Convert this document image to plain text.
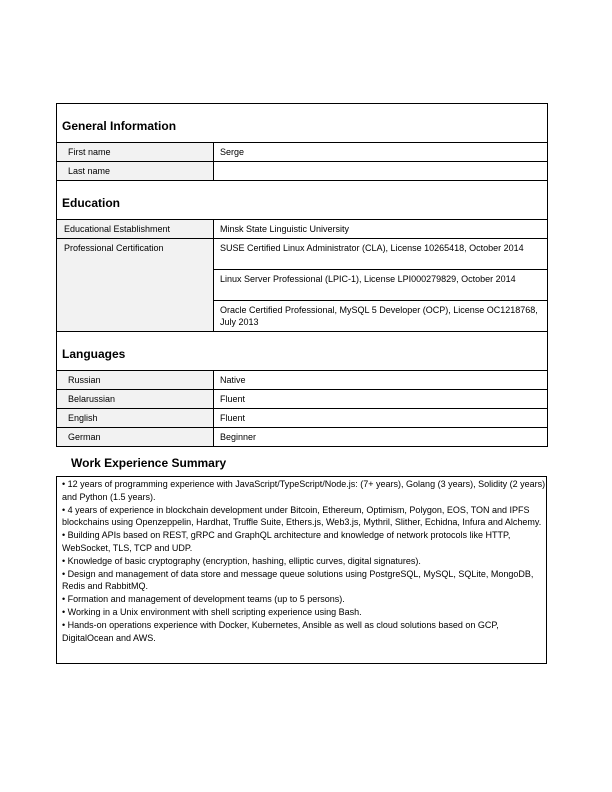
General Information	
First name	Serge
Last name	
Education	
Educational Establishment	Minsk State Linguistic University
Professional Certification	SUSE Certified Linux Administrator (CLA), License 10265418, October 2014
	Linux Server Professional (LPIC-1), License LPI000279829, October 2014
	Oracle Certified Professional, MySQL 5 Developer (OCP), License OC1218768, July 2013
Languages	
Russian	Native
Belarussian	Fluent
English	Fluent
German	Beginner
Work Experience Summary
• 12 years of programming experience with JavaScript/TypeScript/Node.js: (7+ years), Golang (3 years), Solidity (2 years) and Python (1.5 years).
• 4 years of experience in blockchain development under Bitcoin, Ethereum, Optimism, Polygon, EOS, TON and IPFS blockchains using Openzeppelin, Hardhat, Truffle Suite, Ethers.js, Web3.js, Mythril, Slither, Echidna, Infura and Alchemy.
• Building APIs based on REST, gRPC and GraphQL architecture and knowledge of network protocols like HTTP, WebSocket, TLS, TCP and UDP.
• Knowledge of basic cryptography (encryption, hashing, elliptic curves, digital signatures).
• Design and management of data store and message queue solutions using PostgreSQL, MySQL, SQLite, MongoDB, Redis and RabbitMQ.
• Formation and management of development teams (up to 5 persons).
• Working in a Unix environment with shell scripting experience using Bash.
• Hands-on operations experience with Docker, Kubernetes, Ansible as well as cloud solutions based on GCP, DigitalOcean and AWS.
